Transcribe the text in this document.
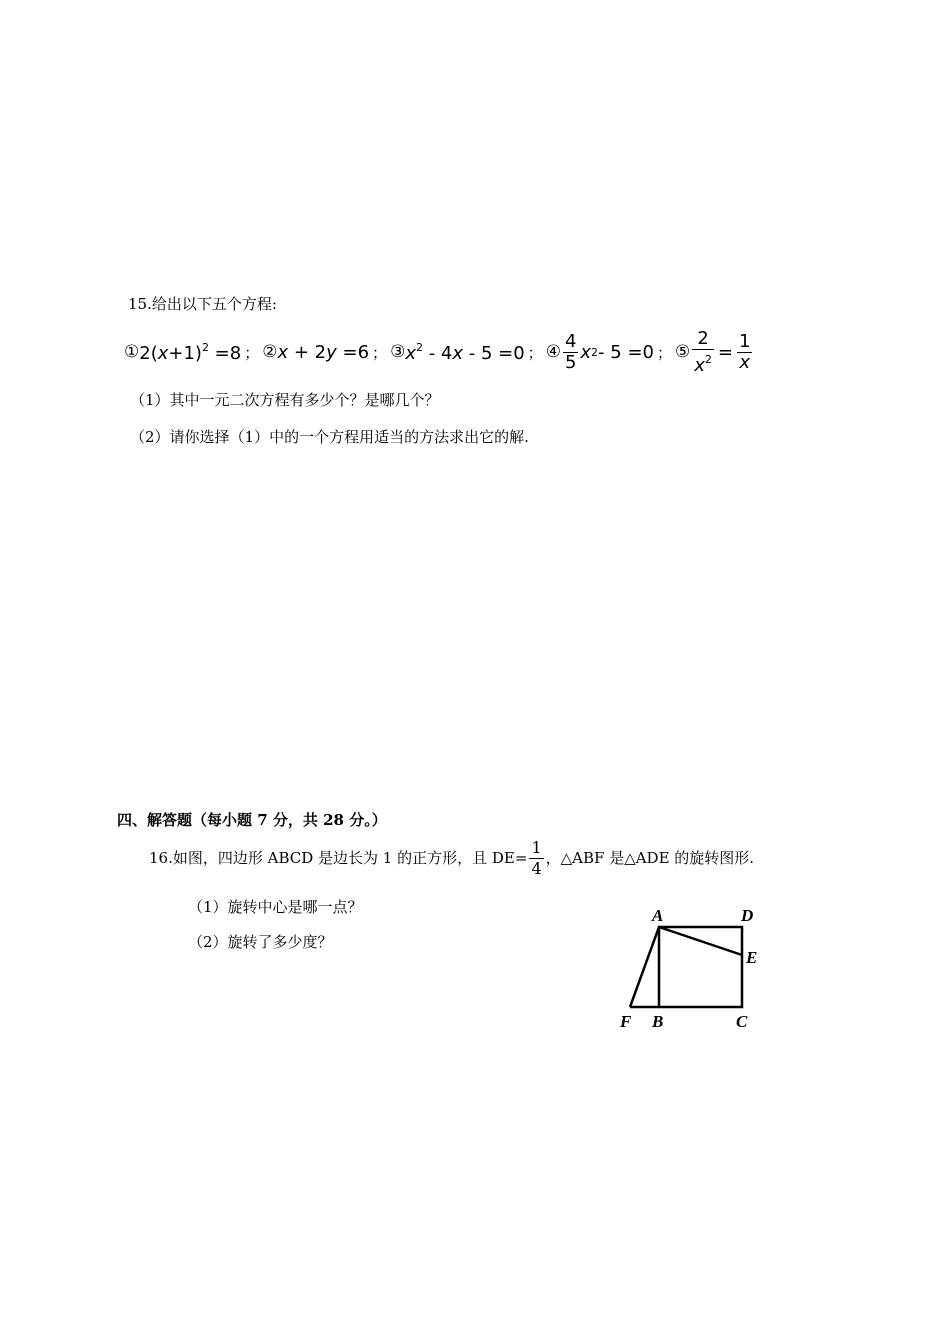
15.给出以下五个方程:
① $2(x+1)^2 =8$ ； ② x + 2y =6 ； ③ $x^2 - 4x - 5 =0$ ； ④ $\frac{4}{5}$ x 2 - 5 =0 ； ⑤ $\frac{2}{x^2} = \frac{1}{x}$
（1）其中一元二次方程有多少个？是哪几个？
（2）请你选择（1）中的一个方程用适当的方法求出它的解.
四、解答题（每小题 7 分，共 28 分。）
16.如图，四边形 ABCD 是边长为 1 的正方形，且 $DE= \frac{1}{4}$ ，△ABF 是△ADE 的旋转图形.
（1）旋转中心是哪一点？
（2）旋转了多少度？
A	D
E
F B	C
